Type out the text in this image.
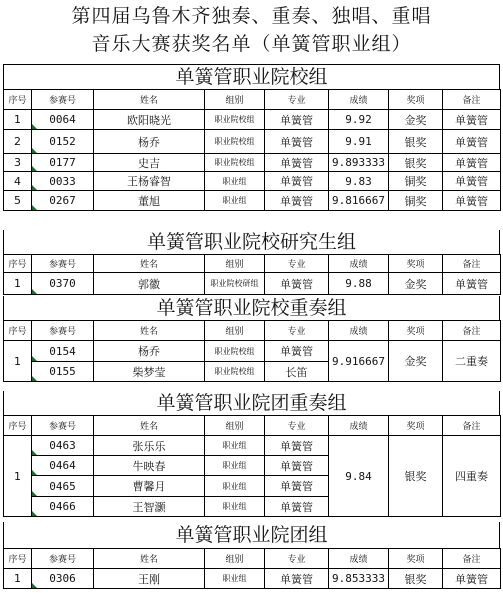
第四届乌鲁木齐独奏、重奏、独唱、重唱
音乐大赛获奖名单（单簧管职业组）
单簧管职业院校组
序号	参赛号	姓名	组别	专业	成绩	奖项	备注
1	0064	欧阳晓光	职业院校组	单簧管	9.92	金奖	单簧管
2	0152	杨乔	职业院校组	单簧管	9.91	银奖	单簧管
3	0177	史吉	职业院校组	单簧管	9.893333	银奖	单簧管
4	0033	王杨睿智	职业组	单簧管	9.83	铜奖	单簧管
5	0267	董旭	职业组	单簧管	9.816667	铜奖	单簧管
单簧管职业院校研究生组
序号	参赛号	姓名	组别	专业	成绩	奖项	备注
1	0370	郭徽	职业院校研组	单簧管	9.88	金奖	单簧管
单簧管职业院校重奏组
序号	参赛号	姓名	组别	专业	成绩	奖项	备注
1	0154	杨乔	职业院校组	单簧管	9.916667	金奖	二重奏
	0155	柴梦莹	职业院校组	长笛			
单簧管职业院团重奏组
序号	参赛号	姓名	组别	专业	成绩	奖项	备注
1	0463	张乐乐	职业组	单簧管	9.84	银奖	四重奏
	0464	牛映春	职业组	单簧管			
	0465	曹馨月	职业组	单簧管			
	0466	王智灏	职业组	单簧管			
单簧管职业院团组
序号	参赛号	姓名	组别	专业	成绩	奖项	备注
1	0306	王刚	职业组	单簧管	9.853333	银奖	单簧管
